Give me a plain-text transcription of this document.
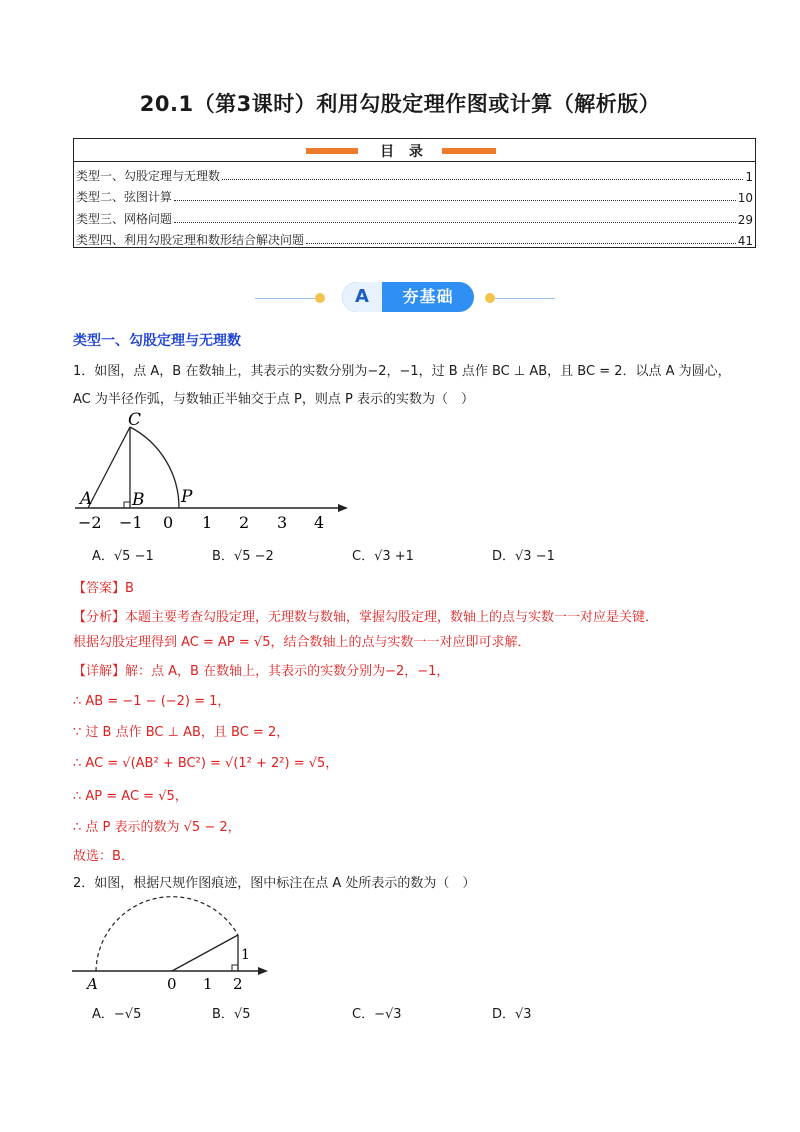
20.1（第3课时）利用勾股定理作图或计算（解析版）
目 录
类型一、勾股定理与无理数	1
类型二、弦图计算	10
类型三、网格问题	29
类型四、利用勾股定理和数形结合解决问题	41
A	夯基础
类型一、勾股定理与无理数
1．如图，点 A，B 在数轴上，其表示的实数分别为−2，−1，过 B 点作 BC ⊥ AB，且 BC = 2．以点 A 为圆心，
AC 为半径作弧，与数轴正半轴交于点 P，则点 P 表示的实数为（　）
C
A B P
−2 −1 0 1 2 3 4
A．√5 −1	B．√5 −2	C．√3 +1	D．√3 −1
【答案】B
【分析】本题主要考查勾股定理，无理数与数轴，掌握勾股定理，数轴上的点与实数一一对应是关键．
根据勾股定理得到 AC = AP = √5，结合数轴上的点与实数一一对应即可求解．
【详解】解：点 A，B 在数轴上，其表示的实数分别为−2，−1，
∴ AB = −1 − (−2) = 1，
∵ 过 B 点作 BC ⊥ AB，且 BC = 2，
∴ AC = √(AB² + BC²) = √(1² + 2²) = √5，
∴ AP = AC = √5，
∴ 点 P 表示的数为 √5 − 2，
故选：B．
2．如图，根据尺规作图痕迹，图中标注在点 A 处所表示的数为（　）
1
A	0 1 2
A．−√5	B．√5	C．−√3	D．√3
